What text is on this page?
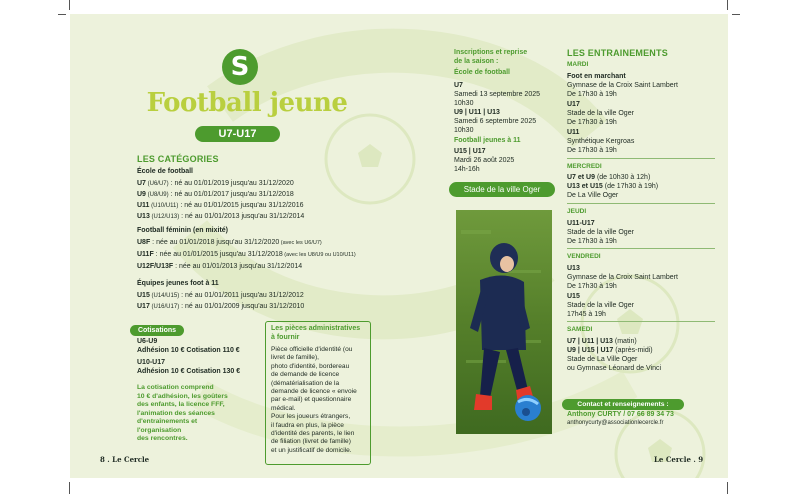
S
Football jeune
U7-U17
LES CATÉGORIES
École de football
U7 (U6/U7) : né au 01/01/2019 jusqu'au 31/12/2020
U9 (U8/U9) : né au 01/01/2017 jusqu'au 31/12/2018
U11 (U10/U11) : né au 01/01/2015 jusqu'au 31/12/2016
U13 (U12/U13) : né au 01/01/2013 jusqu'au 31/12/2014
Football féminin (en mixité)
U8F : née au 01/01/2018 jusqu'au 31/12/2020 (avec les U6/U7)
U11F : née au 01/01/2015 jusqu'au 31/12/2018 (avec les U8/U9 ou U10/U11)
U12F/U13F : née au 01/01/2013 jusqu'au 31/12/2014
Équipes jeunes foot à 11
U15 (U14/U15) : né au 01/01/2011 jusqu'au 31/12/2012
U17 (U16/U17) : né au 01/01/2009 jusqu'au 31/12/2010
Cotisations
U6-U9
Adhésion 10 € Cotisation 110 €
U10-U17
Adhésion 10 € Cotisation 130 €
La cotisation comprend
10 € d'adhésion, les goûters
des enfants, la licence FFF,
l'animation des séances
d'entraînements et
l'organisation
des rencontres.
Les pièces administratives
à fournir
Pièce officielle d'identité (ou
livret de famille),
photo d'identité, bordereau
de demande de licence
(dématérialisation de la
demande de licence « envoie
par e-mail) et questionnaire
médical.
Pour les joueurs étrangers,
il faudra en plus, la pièce
d'identité des parents, le lien
de filiation (livret de famille)
et un justificatif de domicile.
8 . Le Cercle
Inscriptions et reprise
de la saison :
École de football
U7
Samedi 13 septembre 2025
10h30
U9 | U11 | U13
Samedi 6 septembre 2025
10h30
Football jeunes à 11
U15 | U17
Mardi 26 août 2025
14h-16h
Stade de la ville Oger
LES ENTRAINEMENTS
MARDI
Foot en marchant
Gymnase de la Croix Saint Lambert
De 17h30 à 19h
U17
Stade de la ville Oger
De 17h30 à 19h
U11
Synthétique Kergroas
De 17h30 à 19h
MERCREDI
U7 et U9 (de 10h30 à 12h)
U13 et U15 (de 17h30 à 19h)
De La Ville Oger
JEUDI
U11-U17
Stade de la ville Oger
De 17h30 à 19h
VENDREDI
U13
Gymnase de la Croix Saint Lambert
De 17h30 à 19h
U15
Stade de la ville Oger
17h45 à 19h
SAMEDI
U7 | U11 | U13 (matin)
U9 | U15 | U17 (après-midi)
Stade de La Ville Oger
ou Gymnase Léonard de Vinci
Contact et renseignements :
Anthony CURTY / 07 66 89 34 73
anthonycurty@associationlecercle.fr
Le Cercle . 9
